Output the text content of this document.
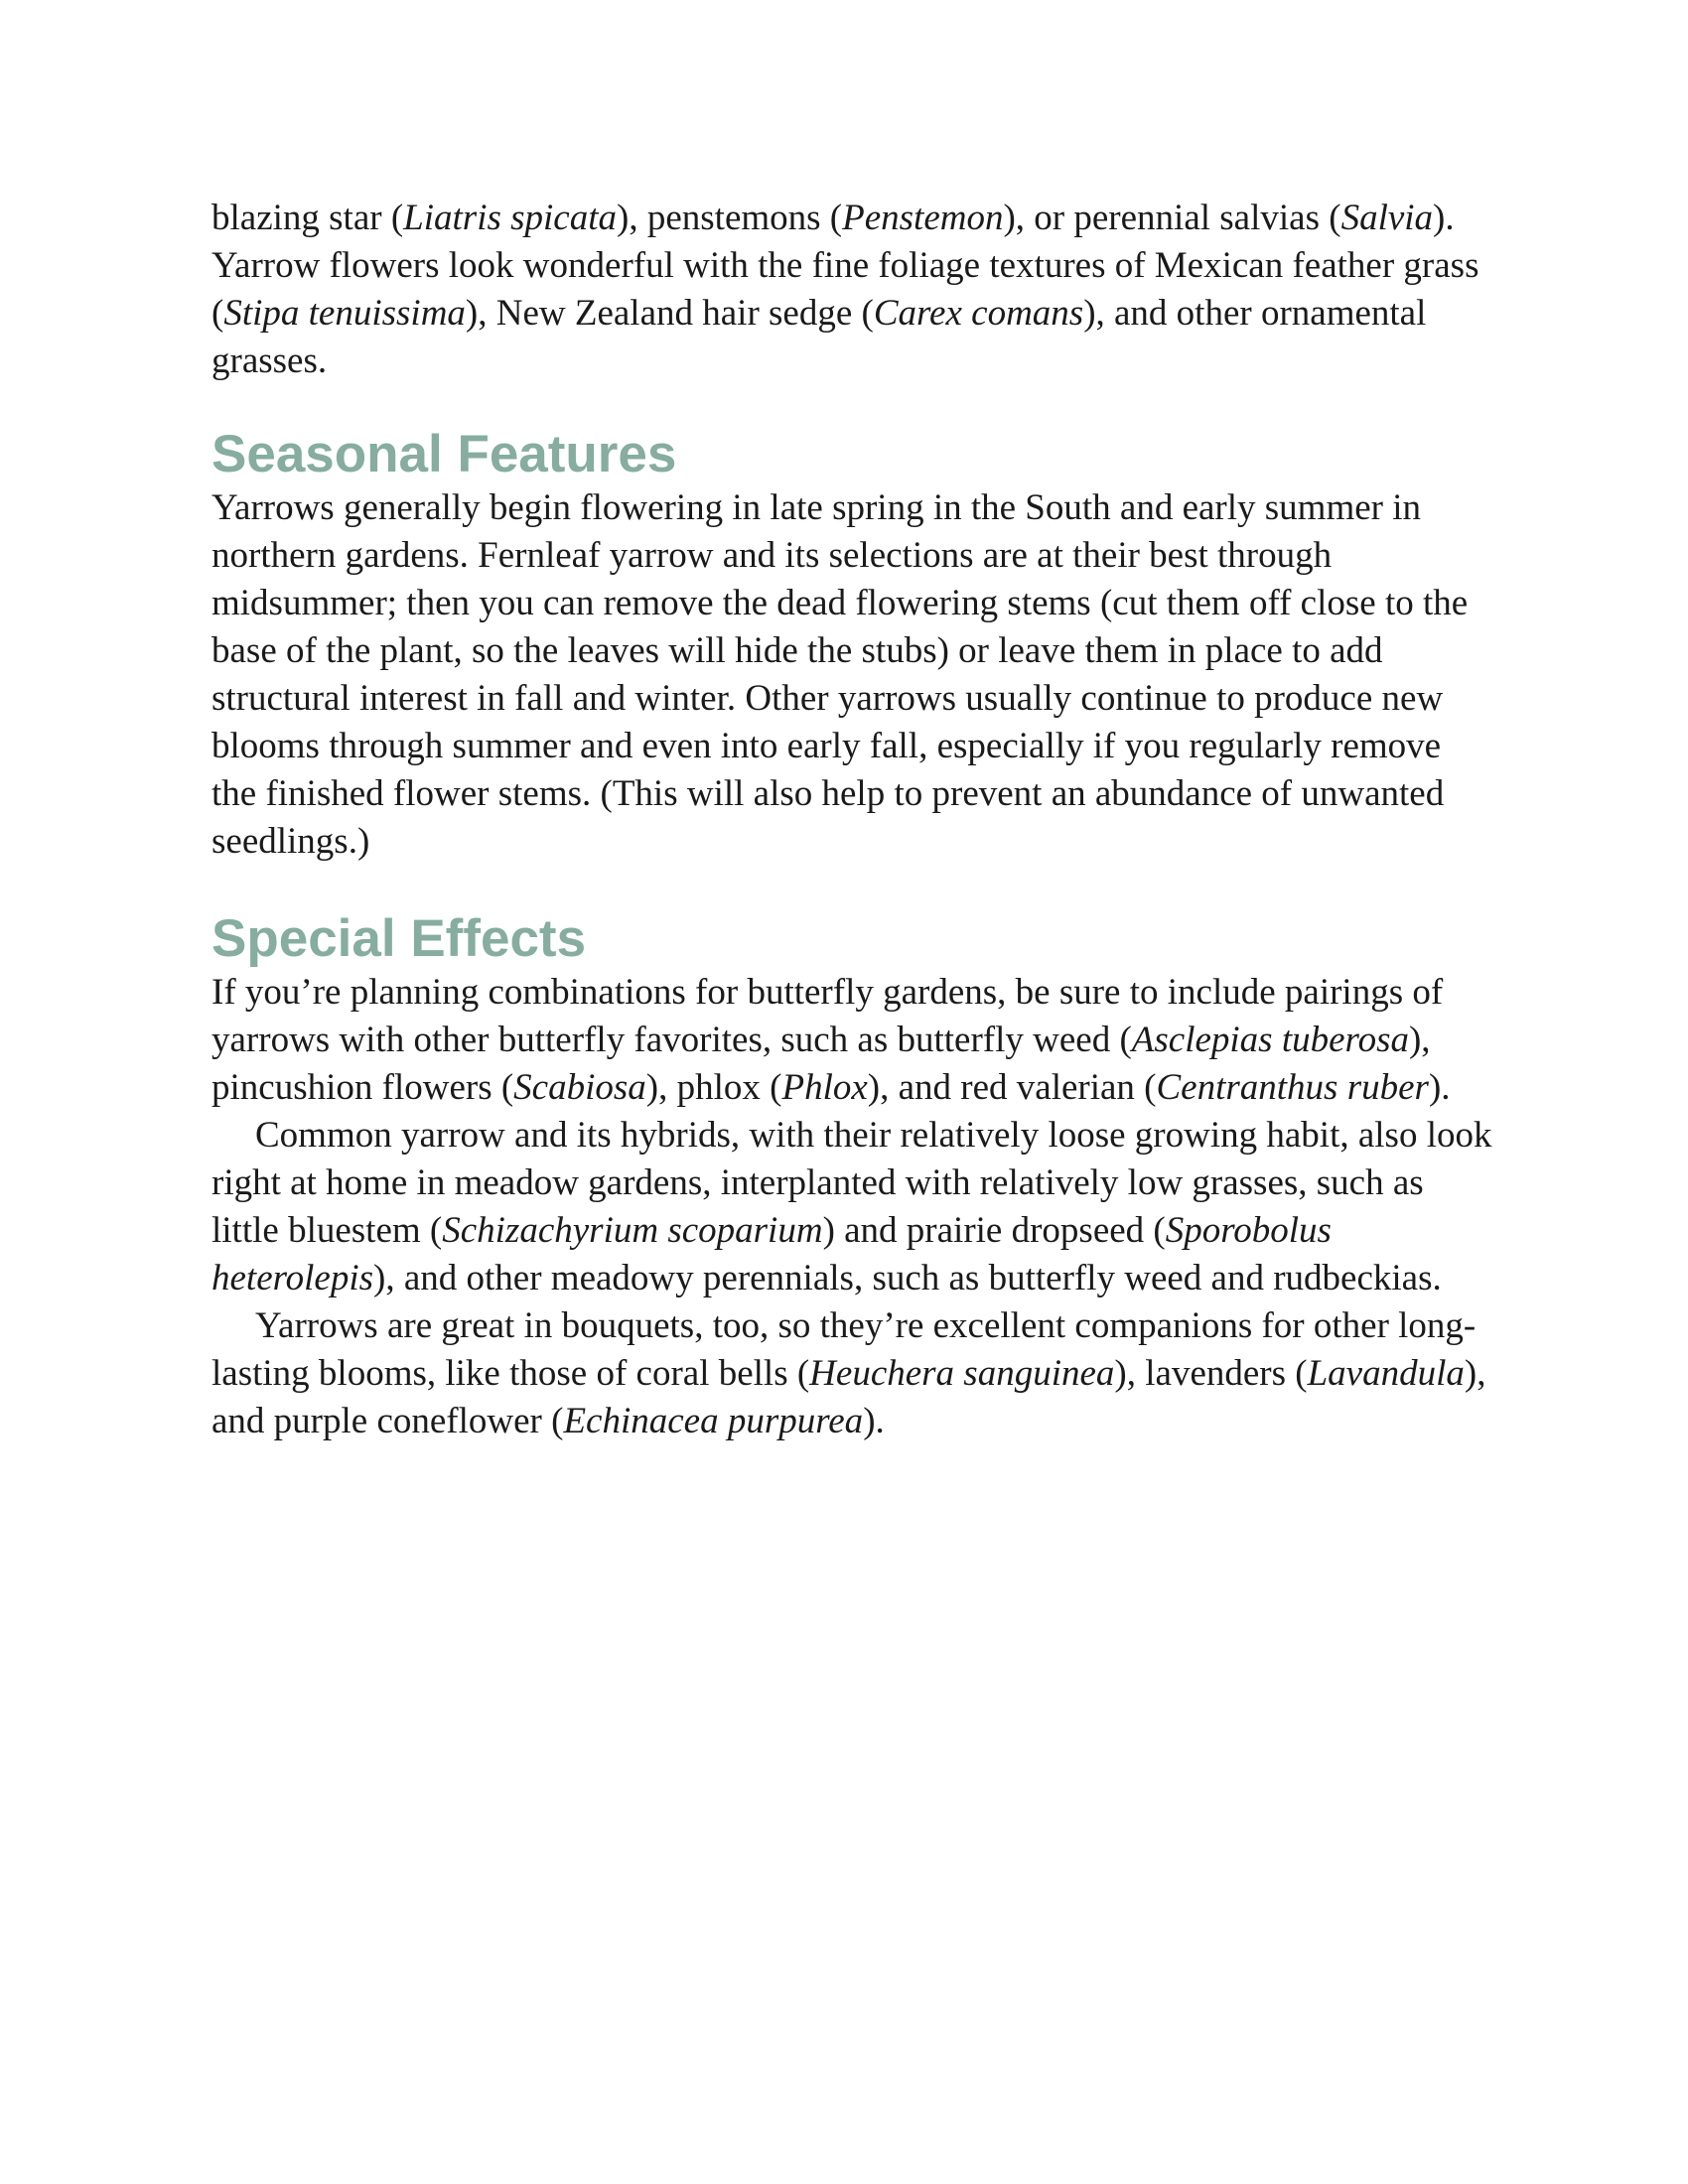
blazing star (Liatris spicata), penstemons (Penstemon), or perennial salvias (Salvia). Yarrow flowers look wonderful with the fine foliage textures of Mexican feather grass (Stipa tenuissima), New Zealand hair sedge (Carex comans), and other ornamental grasses.

Seasonal Features

Yarrows generally begin flowering in late spring in the South and early summer in northern gardens. Fernleaf yarrow and its selections are at their best through midsummer; then you can remove the dead flowering stems (cut them off close to the base of the plant, so the leaves will hide the stubs) or leave them in place to add structural interest in fall and winter. Other yarrows usually continue to produce new blooms through summer and even into early fall, especially if you regularly remove the finished flower stems. (This will also help to prevent an abundance of unwanted seedlings.)

Special Effects

If you’re planning combinations for butterfly gardens, be sure to include pairings of yarrows with other butterfly favorites, such as butterfly weed (Asclepias tuberosa), pincushion flowers (Scabiosa), phlox (Phlox), and red valerian (Centranthus ruber).

Common yarrow and its hybrids, with their relatively loose growing habit, also look right at home in meadow gardens, interplanted with relatively low grasses, such as little bluestem (Schizachyrium scoparium) and prairie dropseed (Sporobolus heterolepis), and other meadowy perennials, such as butterfly weed and rudbeckias.

Yarrows are great in bouquets, too, so they’re excellent companions for other long-lasting blooms, like those of coral bells (Heuchera sanguinea), lavenders (Lavandula), and purple coneflower (Echinacea purpurea).
